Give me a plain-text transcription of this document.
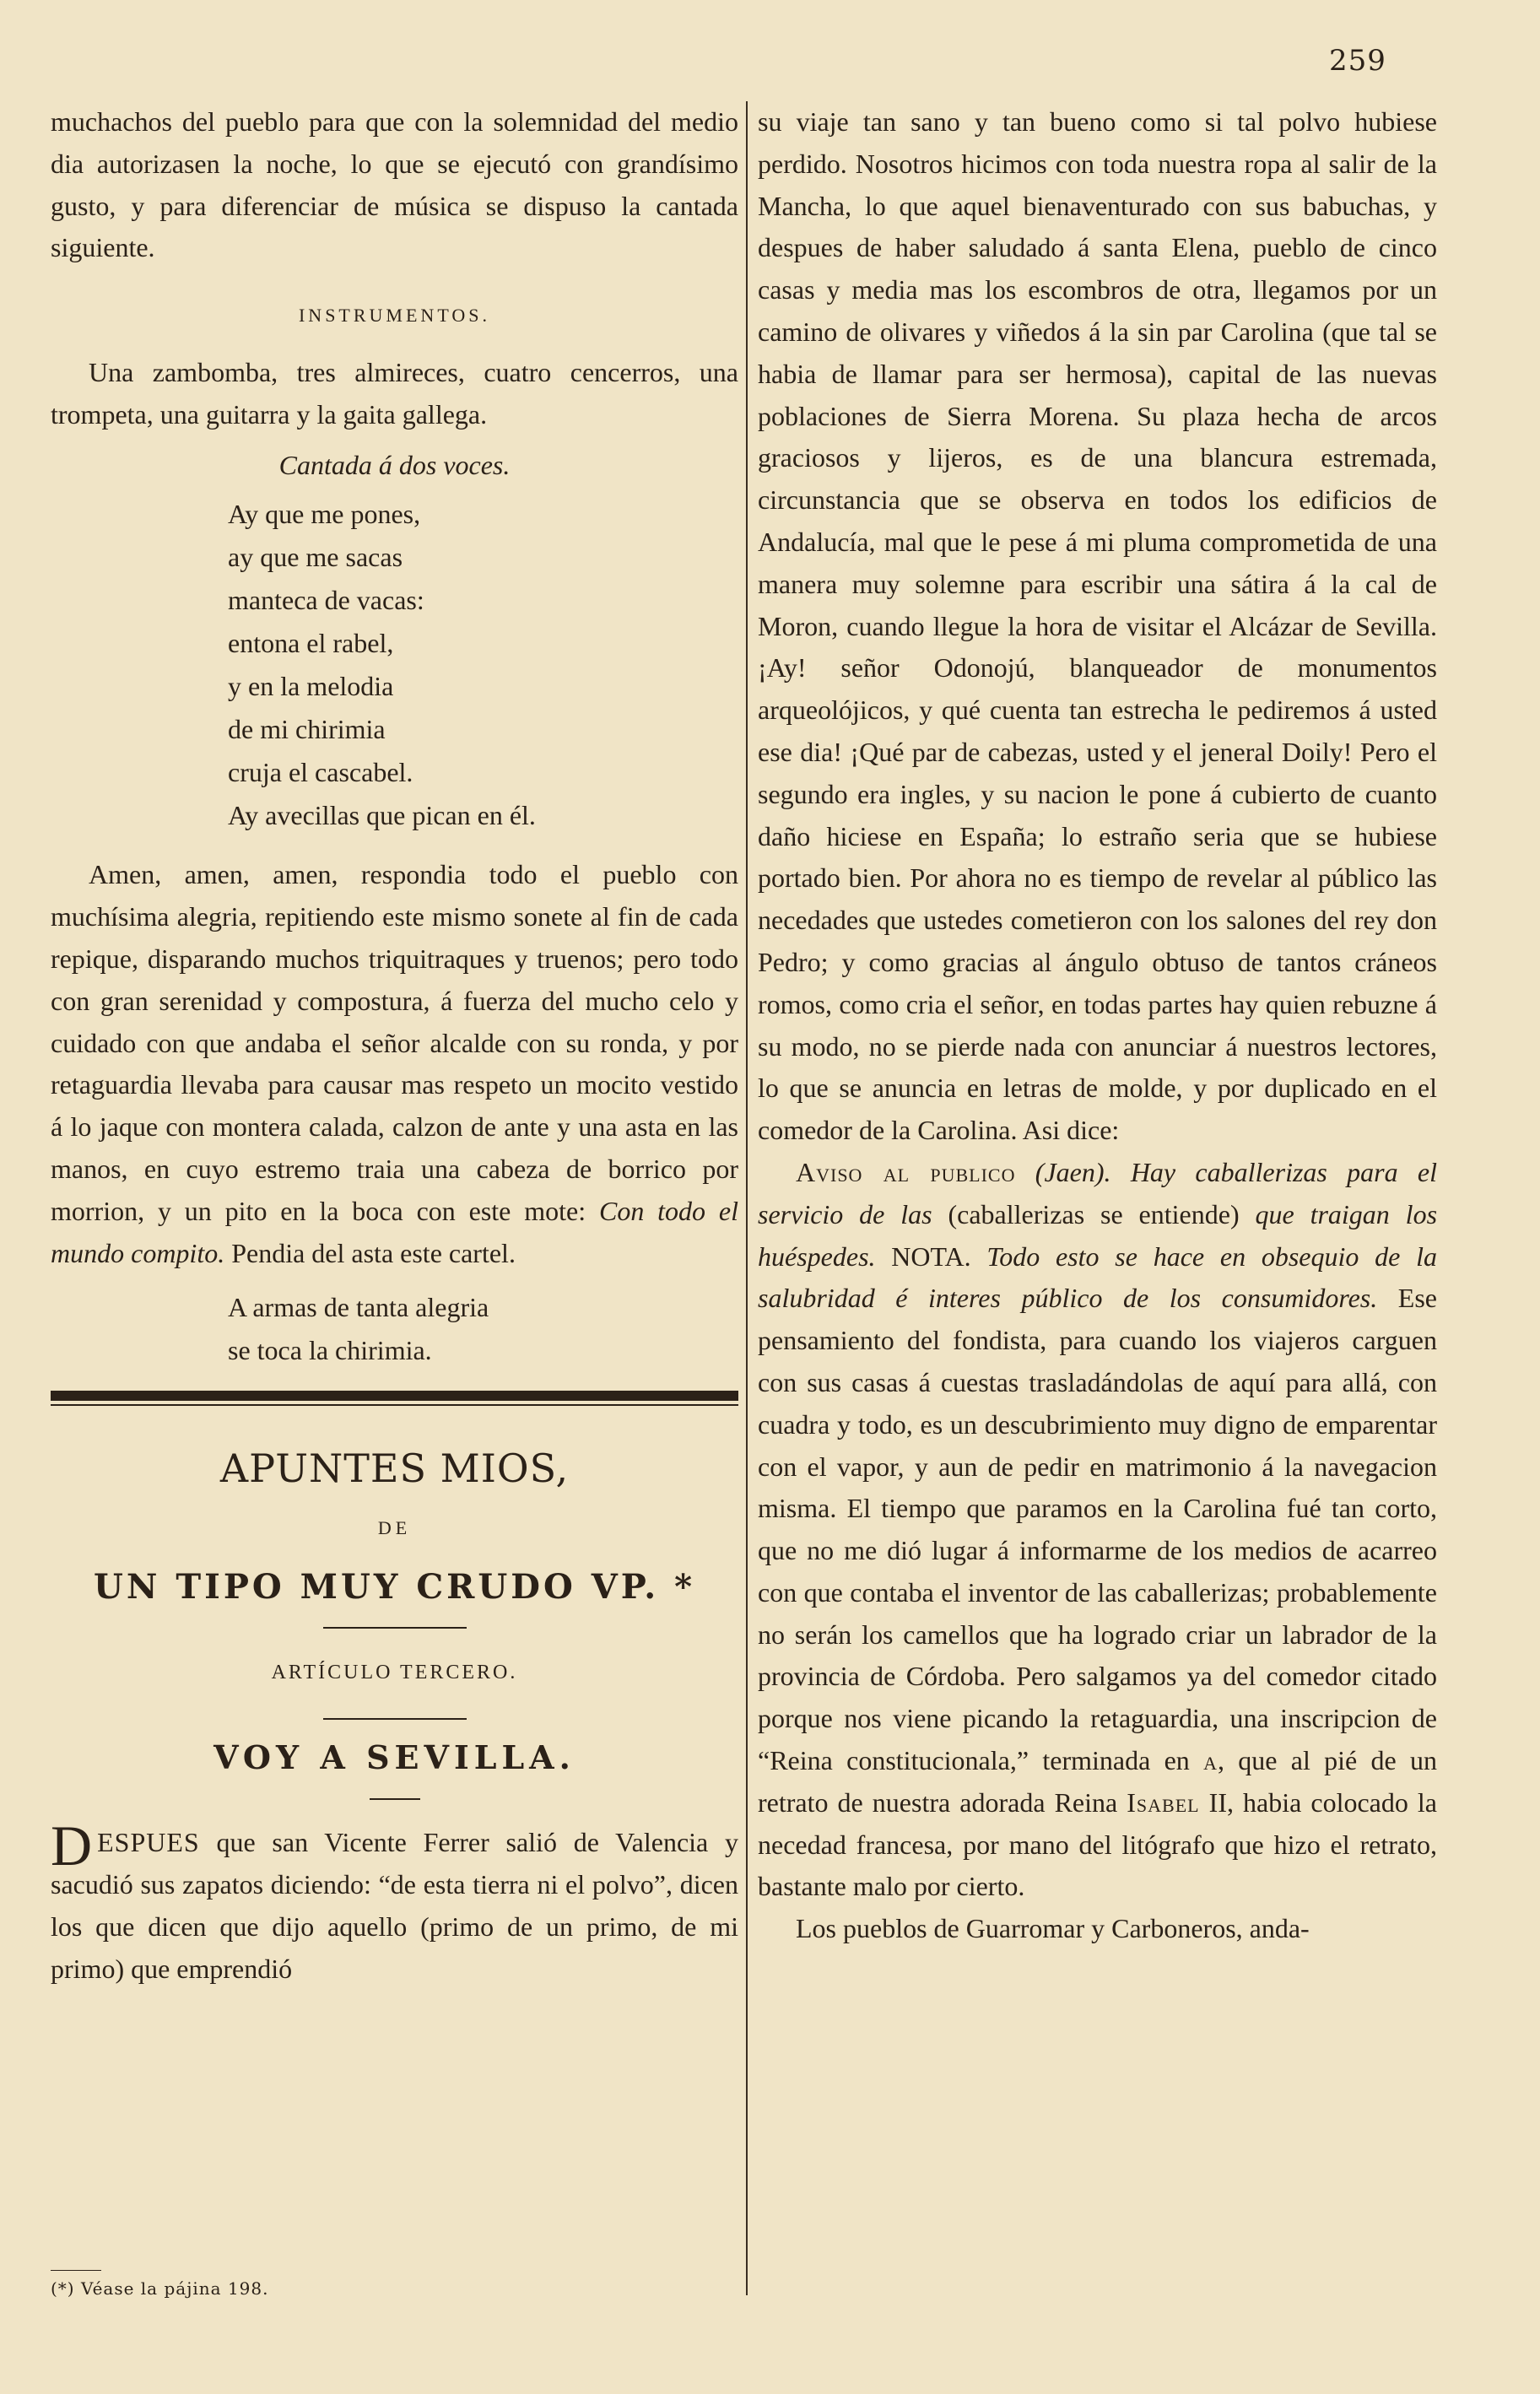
259

muchachos del pueblo para que con la solemnidad del medio dia autorizasen la noche, lo que se ejecutó con grandísimo gusto, y para diferenciar de música se dispuso la cantada siguiente.

INSTRUMENTOS.

Una zambomba, tres almireces, cuatro cencerros, una trompeta, una guitarra y la gaita gallega.

Cantada á dos voces.
Ay que me pones,
ay que me sacas
manteca de vacas:
entona el rabel,
y en la melodia
de mi chirimia
cruja el cascabel.
Ay avecillas que pican en él.

Amen, amen, amen, respondia todo el pueblo con muchísima alegria, repitiendo este mismo sonete al fin de cada repique, disparando muchos triquitraques y truenos; pero todo con gran serenidad y compostura, á fuerza del mucho celo y cuidado con que andaba el señor alcalde con su ronda, y por retaguardia llevaba para causar mas respeto un mocito vestido á lo jaque con montera calada, calzon de ante y una asta en las manos, en cuyo estremo traia una cabeza de borrico por morrion, y un pito en la boca con este mote: Con todo el mundo compito. Pendia del asta este cartel.

A armas de tanta alegria
se toca la chirimia.
APUNTES MIOS,
DE
UN TIPO MUY CRUDO VP. *
ARTÍCULO TERCERO.
VOY A SEVILLA.

DESPUES que san Vicente Ferrer salió de Valencia y sacudió sus zapatos diciendo: “de esta tierra ni el polvo”, dicen los que dicen que dijo aquello (primo de un primo, de mi primo) que emprendió

(*) Véase la pájina 198.

su viaje tan sano y tan bueno como si tal polvo hubiese perdido. Nosotros hicimos con toda nuestra ropa al salir de la Mancha, lo que aquel bienaventurado con sus babuchas, y despues de haber saludado á santa Elena, pueblo de cinco casas y media mas los escombros de otra, llegamos por un camino de olivares y viñedos á la sin par Carolina (que tal se habia de llamar para ser hermosa), capital de las nuevas poblaciones de Sierra Morena. Su plaza hecha de arcos graciosos y lijeros, es de una blancura estremada, circunstancia que se observa en todos los edificios de Andalucía, mal que le pese á mi pluma comprometida de una manera muy solemne para escribir una sátira á la cal de Moron, cuando llegue la hora de visitar el Alcázar de Sevilla. ¡Ay! señor Odonojú, blanqueador de monumentos arqueolójicos, y qué cuenta tan estrecha le pediremos á usted ese dia! ¡Qué par de cabezas, usted y el jeneral Doily! Pero el segundo era ingles, y su nacion le pone á cubierto de cuanto daño hiciese en España; lo estraño seria que se hubiese portado bien. Por ahora no es tiempo de revelar al público las necedades que ustedes cometieron con los salones del rey don Pedro; y como gracias al ángulo obtuso de tantos cráneos romos, como cria el señor, en todas partes hay quien rebuzne á su modo, no se pierde nada con anunciar á nuestros lectores, lo que se anuncia en letras de molde, y por duplicado en el comedor de la Carolina. Asi dice:

Aviso al publico (Jaen). Hay caballerizas para el servicio de las (caballerizas se entiende) que traigan los huéspedes. NOTA. Todo esto se hace en obsequio de la salubridad é interes público de los consumidores. Ese pensamiento del fondista, para cuando los viajeros carguen con sus casas á cuestas trasladándolas de aquí para allá, con cuadra y todo, es un descubrimiento muy digno de emparentar con el vapor, y aun de pedir en matrimonio á la navegacion misma. El tiempo que paramos en la Carolina fué tan corto, que no me dió lugar á informarme de los medios de acarreo con que contaba el inventor de las caballerizas; probablemente no serán los camellos que ha logrado criar un labrador de la provincia de Córdoba. Pero salgamos ya del comedor citado porque nos viene picando la retaguardia, una inscripcion de “Reina constitucionala,” terminada en a, que al pié de un retrato de nuestra adorada Reina Isabel II, habia colocado la necedad francesa, por mano del litógrafo que hizo el retrato, bastante malo por cierto.

Los pueblos de Guarromar y Carboneros, anda-
